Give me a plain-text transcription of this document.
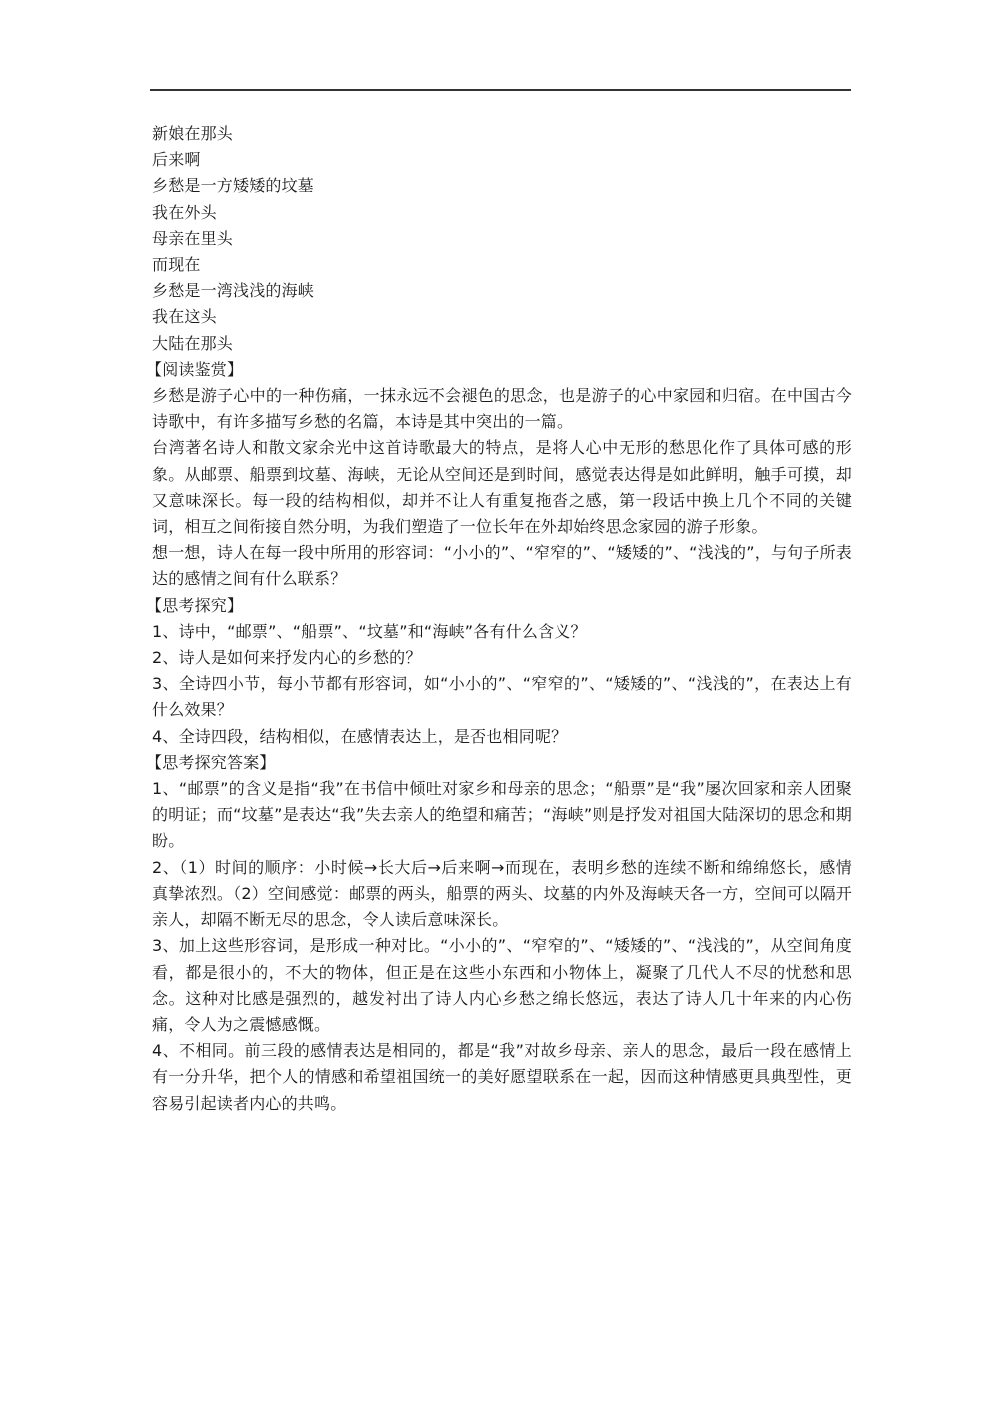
新娘在那头

后来啊

乡愁是一方矮矮的坟墓

我在外头

母亲在里头

而现在

乡愁是一湾浅浅的海峡

我在这头

大陆在那头

【阅读鉴赏】

乡愁是游子心中的一种伤痛，一抹永远不会褪色的思念，也是游子的心中家园和归宿。在中国古今诗歌中，有许多描写乡愁的名篇，本诗是其中突出的一篇。

台湾著名诗人和散文家余光中这首诗歌最大的特点，是将人心中无形的愁思化作了具体可感的形象。从邮票、船票到坟墓、海峡，无论从空间还是到时间，感觉表达得是如此鲜明，触手可摸，却又意味深长。每一段的结构相似，却并不让人有重复拖沓之感，第一段话中换上几个不同的关键词，相互之间衔接自然分明，为我们塑造了一位长年在外却始终思念家园的游子形象。

想一想，诗人在每一段中所用的形容词：“小小的”、“窄窄的”、“矮矮的”、“浅浅的”，与句子所表达的感情之间有什么联系？

【思考探究】

1、诗中，“邮票”、“船票”、“坟墓”和“海峡”各有什么含义？

2、诗人是如何来抒发内心的乡愁的？

3、全诗四小节，每小节都有形容词，如“小小的”、“窄窄的”、“矮矮的”、“浅浅的”，在表达上有什么效果？

4、全诗四段，结构相似，在感情表达上，是否也相同呢？

【思考探究答案】

1、“邮票”的含义是指“我”在书信中倾吐对家乡和母亲的思念；“船票”是“我”屡次回家和亲人团聚的明证；而“坟墓”是表达“我”失去亲人的绝望和痛苦；“海峡”则是抒发对祖国大陆深切的思念和期盼。

2、（1）时间的顺序：小时候→长大后→后来啊→而现在，表明乡愁的连续不断和绵绵悠长，感情真挚浓烈。（2）空间感觉：邮票的两头，船票的两头、坟墓的内外及海峡天各一方，空间可以隔开亲人，却隔不断无尽的思念，令人读后意味深长。

3、加上这些形容词，是形成一种对比。“小小的”、“窄窄的”、“矮矮的”、“浅浅的”，从空间角度看，都是很小的，不大的物体，但正是在这些小东西和小物体上，凝聚了几代人不尽的忧愁和思念。这种对比感是强烈的，越发衬出了诗人内心乡愁之绵长悠远，表达了诗人几十年来的内心伤痛，令人为之震憾感慨。

4、不相同。前三段的感情表达是相同的，都是“我”对故乡母亲、亲人的思念，最后一段在感情上有一分升华，把个人的情感和希望祖国统一的美好愿望联系在一起，因而这种情感更具典型性，更容易引起读者内心的共鸣。
